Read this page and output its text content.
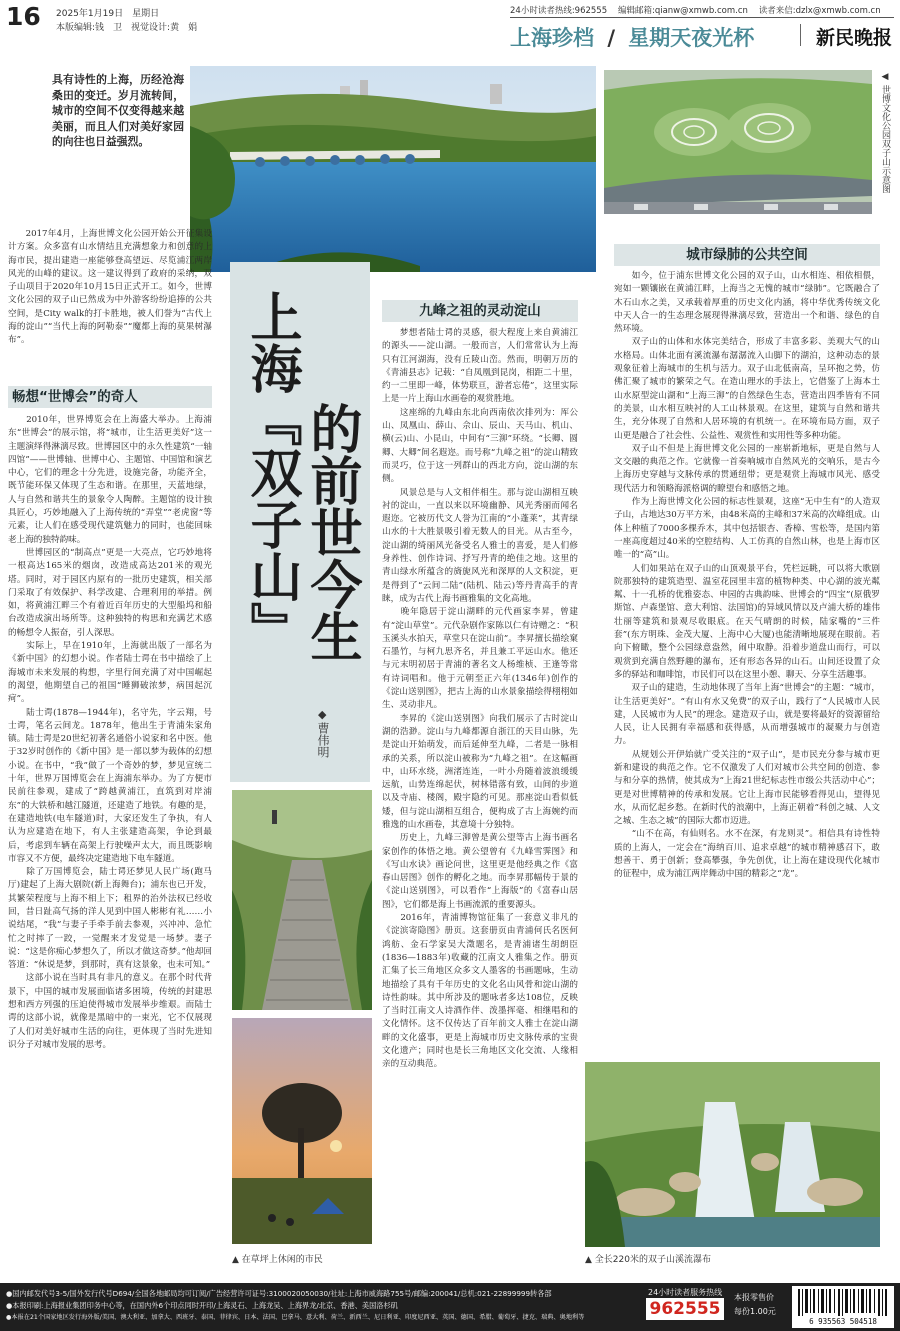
16 2025年1月19日　星期日
本版编辑:钱　卫　视觉设计:黄　娟
24小时读者热线:962555 编辑邮箱:qianw@xmwb.com.cn 读者来信:dzlx@xmwb.com.cn
上海珍档 / 星期天夜光杯	新民晚报
具有诗性的上海，历经沧海桑田的变迁。岁月流转间，城市的空间不仅变得越来越美丽，而且人们对美好家园的向往也日益强烈。	◀ 世博文化公园双子山示意图
　　2017年4月，上海世博文化公园开始公开征集设计方案。众多富有山水情结且充满想象力和创意的上海市民，提出建造一座能够登高望远、尽览浦江两岸风光的山峰的建议。这一建议得到了政府的采纳，双子山项目于2020年10月15日正式开工。如今，世博文化公园的双子山已然成为中外游客纷纷追捧的公共空间，是City walk的打卡胜地，被人们誉为“古代上海的淀山”“当代上海的阿勒泰”“魔都上海的莫果树瀑布”。
畅想“世博会”的奇人
　　2010年，世界博览会在上海盛大举办。上海浦东“世博会”的展示馆，将“城市，让生活更美好”这一主题演绎得淋漓尽致。世博园区中的永久性建筑“一轴四馆”——世博轴、世博中心、主题馆、中国馆和演艺中心，它们的理念十分先进，设施完备，功能齐全，既节能环保又体现了生态和谐。在那里，天蓝地绿，人与自然和谐共生的景象令人陶醉。主题馆的设计独具匠心，巧妙地融入了上海传统的“弄堂”“老虎窗”等元素，让人们在感受现代建筑魅力的同时，也能回味老上海的独特韵味。
　　世博园区的“制高点”更是一大亮点，它巧妙地将一根高达165米的烟囱，改造成高达201米的观光塔。同时，对于园区内原有的一批历史建筑，相关部门采取了有效保护、科学改建、合理利用的举措。例如，将黄浦江畔三个有着近百年历史的大型船坞和船台改造成演出场所等。这种独特的构思和充满艺术感的畅想令人振奋，引人深思。
　　实际上，早在1910年，上海就出版了一部名为《新中国》的幻想小说。作者陆士谔在书中描绘了上海城市未来发展的构想，字里行间充满了对中国崛起的渴望，他期望自己的祖国“睡狮破浓梦，病国起沉疴”。
　　陆士谔(1878—1944年)，名守先，字云翔，号士谔，笔名云间龙。1878年，他出生于青浦朱家角镇。陆士谔是20世纪初著名通俗小说家和名中医。他于32岁时创作的《新中国》是一部以梦为载体的幻想小说。在书中，“我”做了一个奇妙的梦，梦见宣统二十年，世界万国博览会在上海浦东举办。为了方便市民前往参观，建成了“跨越黄浦江，直筑到对岸浦东”的大铁桥和越江隧道，还建造了地铁。有趣的是，在建造地铁(电车隧道)时，大家还发生了争执，有人认为应建造在地下，有人主张建造高架，争论到最后，考虑到车辆在高架上行驶噪声太大，而且既影响市容又不方便，最终决定建造地下电车隧道。
　　除了万国博览会，陆士谔还梦见人民广场(跑马厅)建起了上海大剧院(新上海舞台)；浦东也已开发，其繁荣程度与上海不相上下；租界的治外法权已经收回，昔日趾高气扬的洋人见到中国人彬彬有礼……小说结尾，“我”与妻子手牵手前去参观，兴冲冲、急忙忙之时摔了一跤，一觉醒来才发觉是一场梦。妻子说：“这是你痴心梦想久了，所以才做这奇梦。”他却回答道：“休说是梦，到那时，真有这景象，也未可知。”
　　这部小说在当时具有非凡的意义。在那个时代背景下，中国的城市发展面临诸多困境，传统的封建思想和西方列强的压迫使得城市发展举步维艰。而陆士谔的这部小说，就像是黑暗中的一束光，它不仅展现了人们对美好城市生活的向往，更体现了当时先进知识分子对城市发展的思考。
上海『双子山』 的前世今生
◆
曹伟明
▲ 在草坪上休闲的市民
九峰之祖的灵动淀山
　　梦想者陆士谔的灵感，很大程度上来自黄浦江的源头——淀山湖。一般而言，人们常常认为上海只有江河湖海，没有丘陵山峦。然而，明朝万历的《青浦县志》记载：“自凤凰到昆岗，相距二十里，约一二里即一峰，体势联亘，游者忘倦”，这里实际上是一片上海山水画卷的观赏胜地。
　　这座绵的九峰由东北向西南依次排列为：厍公山、凤凰山、薛山、佘山、辰山、天马山、机山、横(云)山、小昆山，中间有“三泖”环绕。“长卿、圆卿、大卿”间名遐迩。而号称“九峰之祖”的淀山精致而灵巧，位于这一列群山的西北方向，淀山湖的东侧。
　　风景总是与人文相伴相生。那与淀山湖相互映衬的淀山，一直以来以环境幽静、风光秀丽而闻名遐迩。它被历代文人誉为江南的“小蓬莱”，其青绿山水的十大胜景吸引着无数人的目光。从古至今，淀山湖的绮丽风光备受名人雅士的喜爱，是人们修身养性、创作诗词、抒写丹青的绝佳之地。这里的青山绿水所蕴含的旖旎风光和深厚的人文积淀，更是得到了“云间二陆”(陆机、陆云)等丹青高手的青睐，成为古代上海书画雅集的文化高地。
　　晚年隐居于淀山湖畔的元代画家李昇，曾建有“淀山草堂”。元代杂剧作家陈以仁有诗赠之：“积玉溪头水拍天，草堂只在淀山前”。李昇擅长描绘窠石墨竹，与柯九思齐名，并且兼工平远山水。他还与元末明初居于青浦的著名文人杨维桢、王逢等常有诗词唱和。他于元朝至正六年(1346年)创作的《淀山送别图》，把古上海的山水景象描绘得栩栩如生、灵动非凡。
　　李昇的《淀山送别图》向我们展示了古时淀山湖的浩渺。淀山与九峰都源自浙江的天目山脉，先是淀山开始萌发，而后延伸至九峰，二者是一脉相承的关系，所以淀山被称为“九峰之祖”。在这幅画中，山环水绕，洲渚连连，一叶小舟随着波浪缓缓远航，山势连绵起伏，树林错落有致，山间的步道以及寺庙、楼阁，殿宇隐约可见。那座淀山看似低矮，但与淀山湖相互组合，便构成了古上海婉约而雅逸的山水画卷，其意境十分独特。
　　历史上，九峰三泖曾是黄公望等古上海书画名家创作的体悟之地。黄公望曾有《九峰雪霁图》和《写山水诀》画论问世，这里更是他经典之作《富春山居图》创作的孵化之地。而李昇那幅传于景的《淀山送别图》，可以看作“上海版”的《富春山居图》，它们都是海上书画流派的重要源头。
　　2016年，青浦博物馆征集了一套意义非凡的《淀滨寄隐图》册页。这套册页由青浦何氏名医何鸿舫、金石学家吴大澂题名，是青浦诸生胡朗臣(1836—1883年)收藏的江南文人雅集之作。册页汇集了长三角地区众多文人墨客的书画题咏，生动地描绘了具有千年历史的文化名山风骨和淀山湖的诗性韵味。其中所涉及的题咏者多达108位，反映了当时江南文人诗酒作伴、泼墨挥毫、相继唱和的文化情怀。这不仅传达了百年前文人雅士在淀山湖畔的文化盛事，更是上海城市历史文脉传承的宝贵文化遗产；同时也是长三角地区文化交流、人缘相亲的互动典范。
城市绿肺的公共空间
　　如今，位于浦东世博文化公园的双子山，山水相连、相依相偎，宛如一颗镶嵌在黄浦江畔，上海当之无愧的城市“绿肺”。它既融合了木石山水之美，又承载着厚重的历史文化内涵，将中华优秀传统文化中天人合一的生态理念展现得淋漓尽致，营造出一个和谐、绿色的自然环境。
　　双子山的山体和水体完美结合，形成了丰富多彩、美观大气的山水格局。山体北面有溪流瀑布潺潺流入山脚下的湖泊，这种动态的景观象征着上海城市的生机与活力。双子山北低南高，呈环抱之势，仿佛汇聚了城市的繁荣之气。在造山理水的手法上，它借鉴了上海本土山水原型淀山湖和“上海三泖”的自然绿色生态，营造出四季皆有不同的美景，山水相互映衬的人工山林景观。在这里，建筑与自然和谐共生，充分体现了自然和人居环境的有机统一。在环境布局方面，双子山更是融合了社会性、公益性、观赏性和实用性等多种功能。
　　双子山不但是上海世博文化公园的一座崭新地标，更是自然与人文交融的典范之作。它就像一首奏响城市自然风光的交响乐，是古今上海历史穿越与文脉传承的贯通纽带；更是观赏上海城市风光、感受现代活力和领略海派格调的瞭望台和感悟之地。
　　作为上海世博文化公园的标志性景观，这座“无中生有”的人造双子山，占地达30万平方米，由48米高的主峰和37米高的次峰组成。山体上种植了7000多棵乔木，其中包括银杏、香樟、雪松等，是国内第一座高度超过40米的空腔结构、人工仿真的自然山林，也是上海市区唯一的“高”山。
　　人们如果站在双子山的山顶观景平台，凭栏远眺，可以将大歌剧院那独特的建筑造型、温室花园里丰富的植物种类、中心湖的波光粼粼、十一孔桥的优雅姿态、申园的古典韵味、世博会的“四宝”(原俄罗斯馆、卢森堡馆、意大利馆、法国馆)的异域风情以及卢浦大桥的雄伟壮丽等建筑和景观尽收眼底。在天气晴朗的时候，陆家嘴的“三件套”(东方明珠、金茂大厦、上海中心大厦)也能清晰地展现在眼前。若向下俯瞰，整个公园绿意盎然，闹中取静。沿着步道盘山而行，可以观赏到充满自然野趣的瀑布，还有形态各异的山石。山间还设置了众多的驿站和咖啡馆，市民们可以在这里小憩、聊天、分享生活趣事。
　　双子山的建造，生动地体现了当年上海“世博会”的主题：“城市，让生活更美好”。“有山有水又免费”的双子山，践行了“人民城市人民建，人民城市为人民”的理念。建造双子山，就是要将最好的资源留给人民，让人民拥有幸福感和获得感，从而增强城市的凝聚力与创造力。
　　从规划公开伊始就广受关注的“双子山”，是市民充分参与城市更新和建设的典范之作。它不仅激发了人们对城市公共空间的创造、参与和分享的热情，使其成为“上海21世纪标志性市级公共活动中心”；更是对世博精神的传承和发展。它让上海市民能够看得见山，望得见水，从而忆起乡愁。在新时代的浪潮中，上海正朝着“科创之城、人文之城、生态之城”的国际大都市迈进。
　　“山不在高，有仙则名。水不在深，有龙则灵”。相信具有诗性特质的上海人，一定会在“海纳百川、追求卓越”的城市精神感召下，敢想善干、勇于创新；登高攀强，争先创优，让上海在建设现代化城市的征程中，成为浦江两岸舞动中国的精彩之“龙”。
▲ 全长220米的双子山溪流瀑布
●国内邮发代号3-5/国外发行代号D694/全国各地邮局均可订阅/广告经营许可证号:3100020050030/社址:上海市威海路755号/邮编:200041/总机:021-22899999转各部
●本报印刷:上海报业集团印务中心等，在国内外6个印点同时开印/上海灵石、上海龙吴、上海界龙/北京、香港、美国洛杉矶
●本报在21个国家地区发行海外版/美国、澳大利亚、加拿大、西班牙、泰国、菲律宾、日本、法国、巴拿马、意大利、荷兰、新西兰、尼日利亚、印度尼西亚、英国、德国、希腊、葡萄牙、捷克、瑞典、奥地利等
24小时读者服务热线
962555
本报零售价
每份1.00元
6 935563 504518
